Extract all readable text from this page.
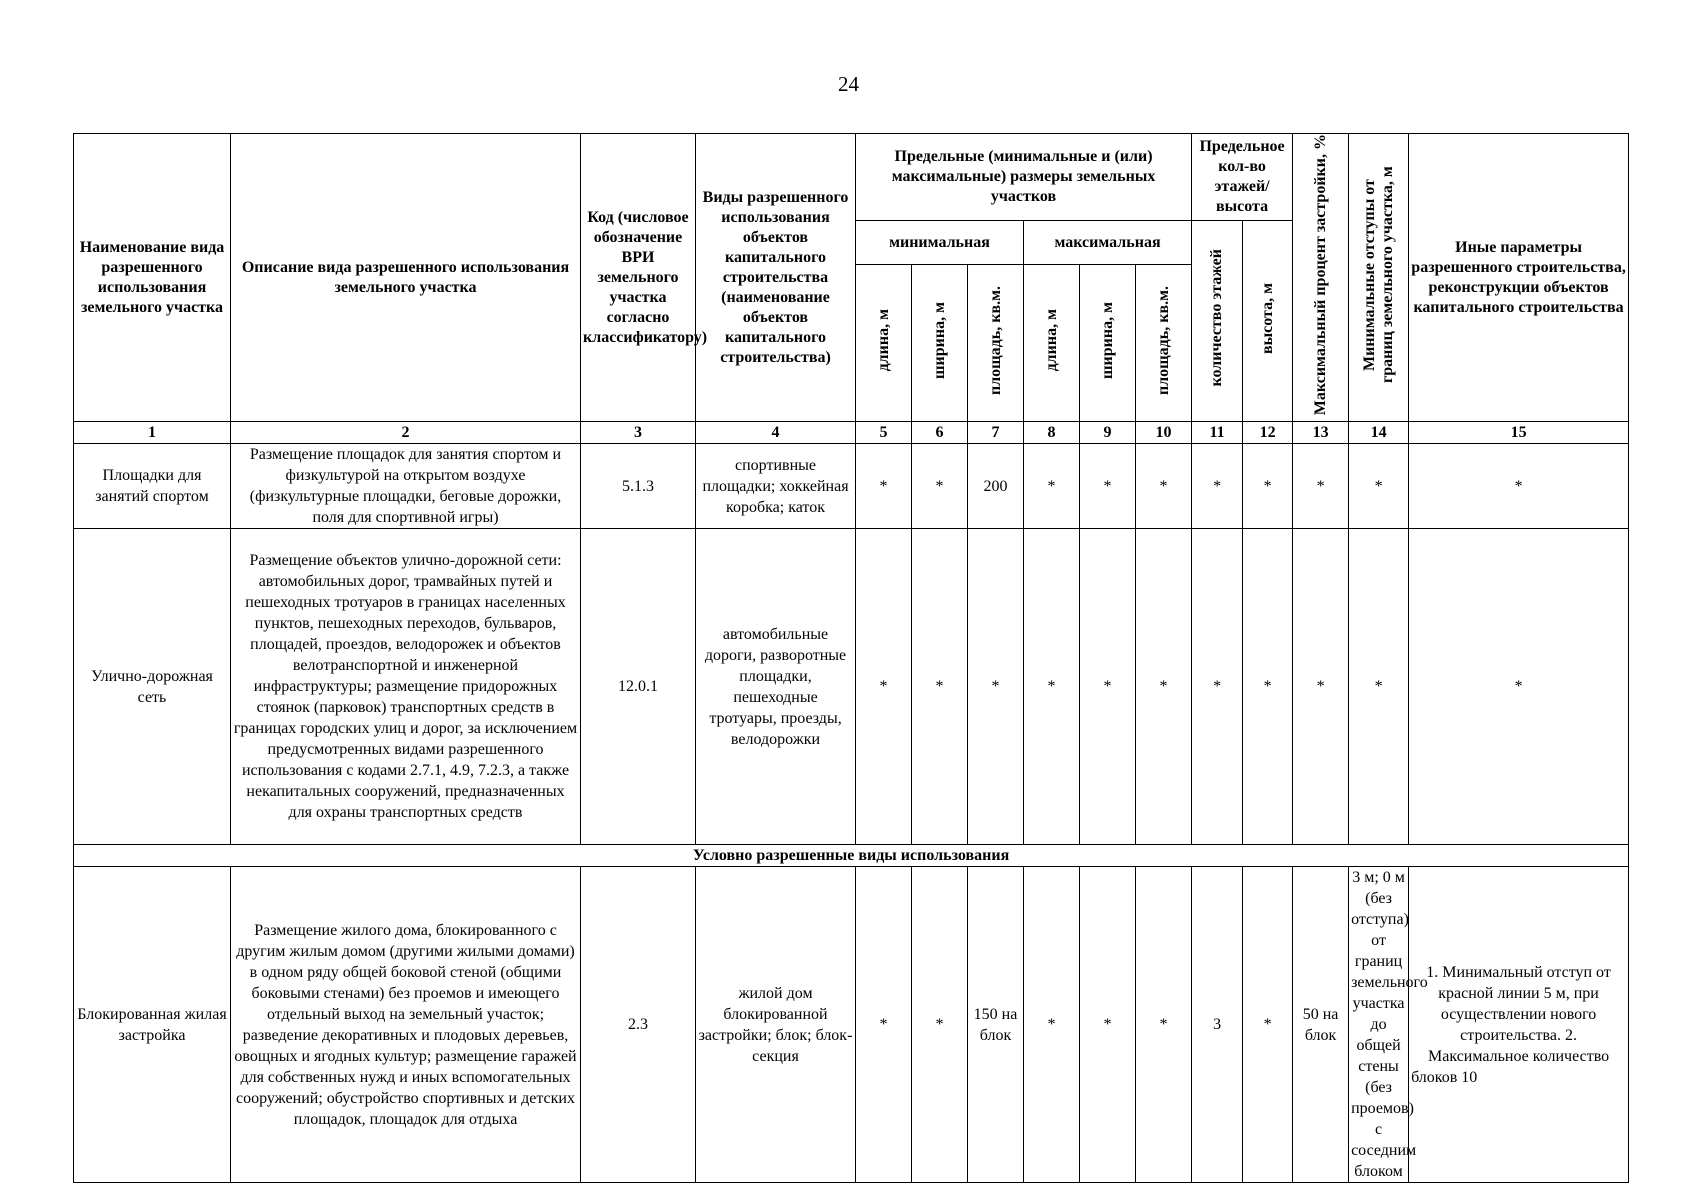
24
Наименование вида разрешенного использования земельного участка	Описание вида разрешенного использования земельного участка	Код (числовое обозначение ВРИ земельного участка согласно классификатору)	Виды разрешенного использования объектов капитального строительства (наименование объектов капитального строительства)	Предельные (минимальные и (или) максимальные) размеры земельных участков						Предельное кол-во этажей/ высота		Максимальный процент застройки, %	Минимальные отступы от границ земельного участка, м	Иные параметры разрешенного строительства, реконструкции объектов капитального строительства
				минимальная			максимальная			количество этажей	высота, м			
				длина, м	ширина, м	площадь, кв.м.	длина, м	ширина, м	площадь, кв.м.					
1	2	3	4	5	6	7	8	9	10	11	12	13	14	15
Площадки для занятий спортом	Размещение площадок для занятия спортом и физкультурой на открытом воздухе (физкультурные площадки, беговые дорожки, поля для спортивной игры)	5.1.3	спортивные площадки; хоккейная коробка; каток	*	*	200	*	*	*	*	*	*	*	*
Улично-дорожная сеть	Размещение объектов улично-дорожной сети: автомобильных дорог, трамвайных путей и пешеходных тротуаров в границах населенных пунктов, пешеходных переходов, бульваров, площадей, проездов, велодорожек и объектов велотранспортной и инженерной инфраструктуры; размещение придорожных стоянок (парковок) транспортных средств в границах городских улиц и дорог, за исключением предусмотренных видами разрешенного использования с кодами 2.7.1, 4.9, 7.2.3, а также некапитальных сооружений, предназначенных для охраны транспортных средств	12.0.1	автомобильные дороги, разворотные площадки, пешеходные тротуары, проезды, велодорожки	*	*	*	*	*	*	*	*	*	*	*
Условно разрешенные виды использования														
Блокированная жилая застройка	Размещение жилого дома, блокированного с другим жилым домом (другими жилыми домами) в одном ряду общей боковой стеной (общими боковыми стенами) без проемов и имеющего отдельный выход на земельный участок; разведение декоративных и плодовых деревьев, овощных и ягодных культур; размещение гаражей для собственных нужд и иных вспомогательных сооружений; обустройство спортивных и детских площадок, площадок для отдыха	2.3	жилой дом блокированной застройки; блок; блок-секция	*	*	150 на блок	*	*	*	3	*	50 на блок	3 м; 0 м (без отступа) от границ земельного участка до общей стены (без проемов) с соседним блоком	1. Минимальный отступ от красной линии 5 м, при осуществлении нового строительства. 2. Максимальное количество блоков 10
